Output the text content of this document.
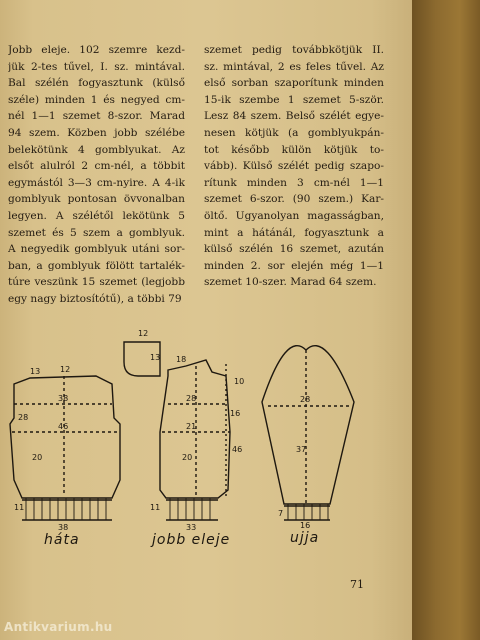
Jobb eleje. 102 szemre kezd-
jük 2-tes tűvel, I. sz. mintával.
Bal szélén fogyasztunk (külső
széle) minden 1 és negyed cm-
nél 1—1 szemet 8-szor. Marad
94 szem. Közben jobb szélébe
belekötünk 4 gomblyukat. Az
elsőt alulról 2 cm-nél, a többit
egymástól 3—3 cm-nyire. A 4-ik
gomblyuk pontosan övvonalban
legyen. A szélétől lekötünk 5
szemet és 5 szem a gomblyuk.
A negyedik gomblyuk utáni sor-
ban, a gomblyuk fölött tartalék-
túre veszünk 15 szemet (legjobb
egy nagy biztosítótű), a többi 79
szemet pedig továbbkötjük II.
sz. mintával, 2 es feles tűvel. Az
első sorban szaporítunk minden
15-ik szembe 1 szemet 5-ször.
Lesz 84 szem. Belső szélét egye-
nesen kötjük (a gomblyukpán-
tot később külön kötjük to-
vább). Külső szélét pedig szapo-
rítunk minden 3 cm-nél 1—1
szemet 6-szor. (90 szem.) Kar-
öltő. Ugyanolyan magasságban,
mint a hátánál, fogyasztunk a
külső szélén 16 szemet, azután
minden 2. sor elején még 1—1
szemet 10-szer. Marad 64 szem.
13 12
38
28
46
20
11
38
12
13
10
18
28
21
46
16
20
11
33
28
37
7
16
háta	jobb eleje	ujja
71
Antikvarium.hu
